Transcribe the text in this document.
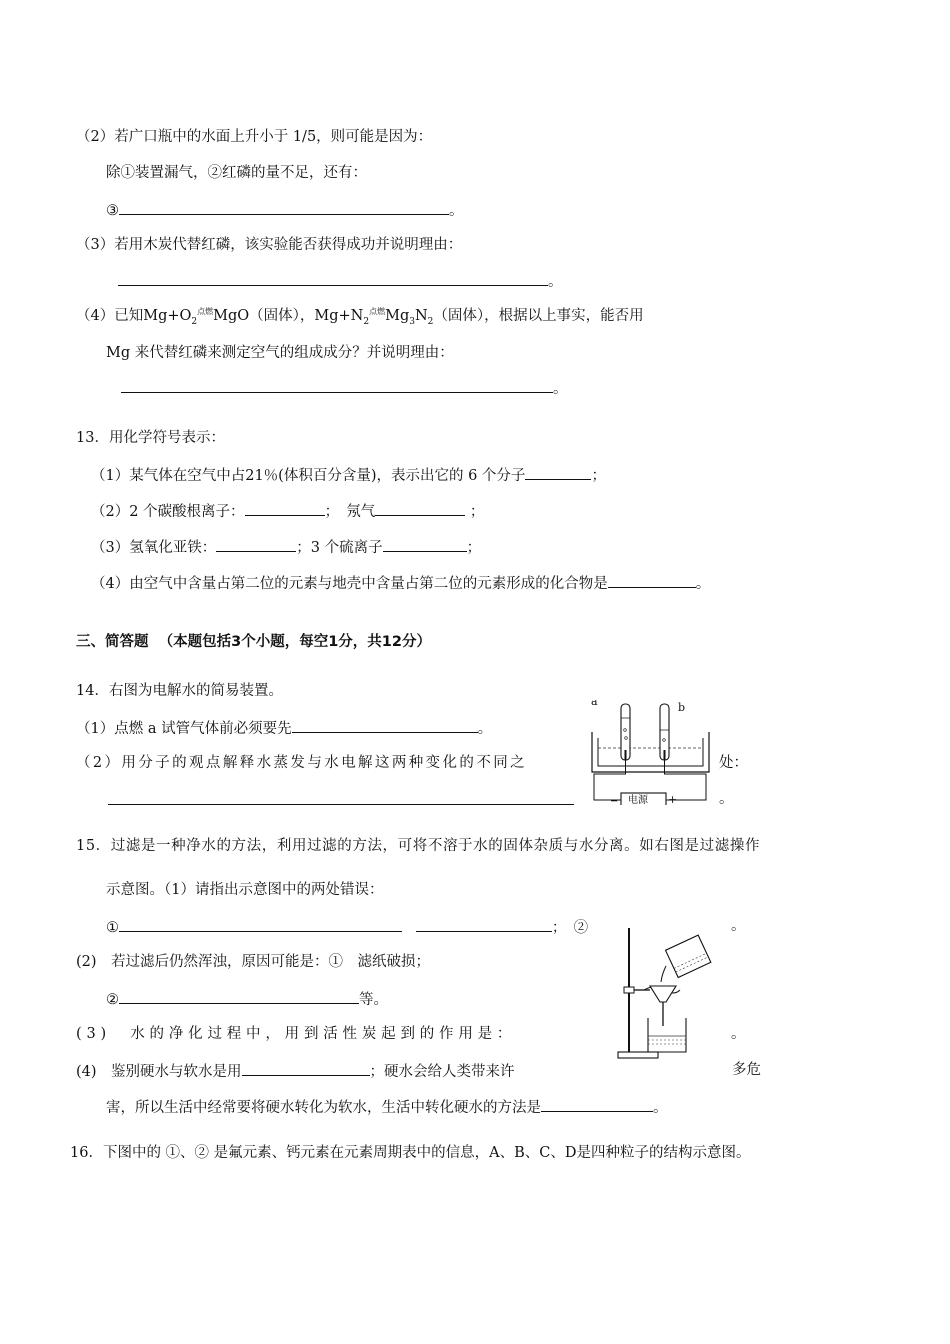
（2）若广口瓶中的水面上升小于 1/5，则可能是因为：
除①装置漏气，②红磷的量不足，还有：
③	。
（3）若用木炭代替红磷，该实验能否获得成功并说明理由：
。
（4）已知$Mg+O_2^{点燃}MgO$（固体），$Mg+N_2^{点燃}Mg_3N_2$（固体），根据以上事实，能否用
Mg 来代替红磷来测定空气的组成成分？并说明理由：
。
13．用化学符号表示：
（1）某气体在空气中占21％(体积百分含量)，表示出它的 6 个分子	；
（2）2 个碳酸根离子：	；　氖气	；
（3）氢氧化亚铁：	；3 个硫离子	；
（4）由空气中含量占第二位的元素与地壳中含量占第二位的元素形成的化合物是	。
三、简答题 （本题包括3个小题，每空1分，共12分）
14．右图为电解水的简易装置。
（1）点燃 a 试管气体前必须要先	。
（2）用分子的观点解释水蒸发与水电解这两种变化的不同之	处：
。
a	b
电源
−	+
15．过滤是一种净水的方法，利用过滤的方法，可将不溶于水的固体杂质与水分离。如右图是过滤操作
示意图。（1）请指出示意图中的两处错误：
①	；　②	。
(2)　若过滤后仍然浑浊，原因可能是：①　滤纸破损；
②	等。
(3)　水的净化过程中，用到活性炭起到的作用是：	。
(4)　鉴别硬水与软水是用	；硬水会给人类带来许	多危
害，所以生活中经常要将硬水转化为软水，生活中转化硬水的方法是	。
16．下图中的 ①、② 是氟元素、钙元素在元素周期表中的信息，A、B、C、D是四种粒子的结构示意图。
